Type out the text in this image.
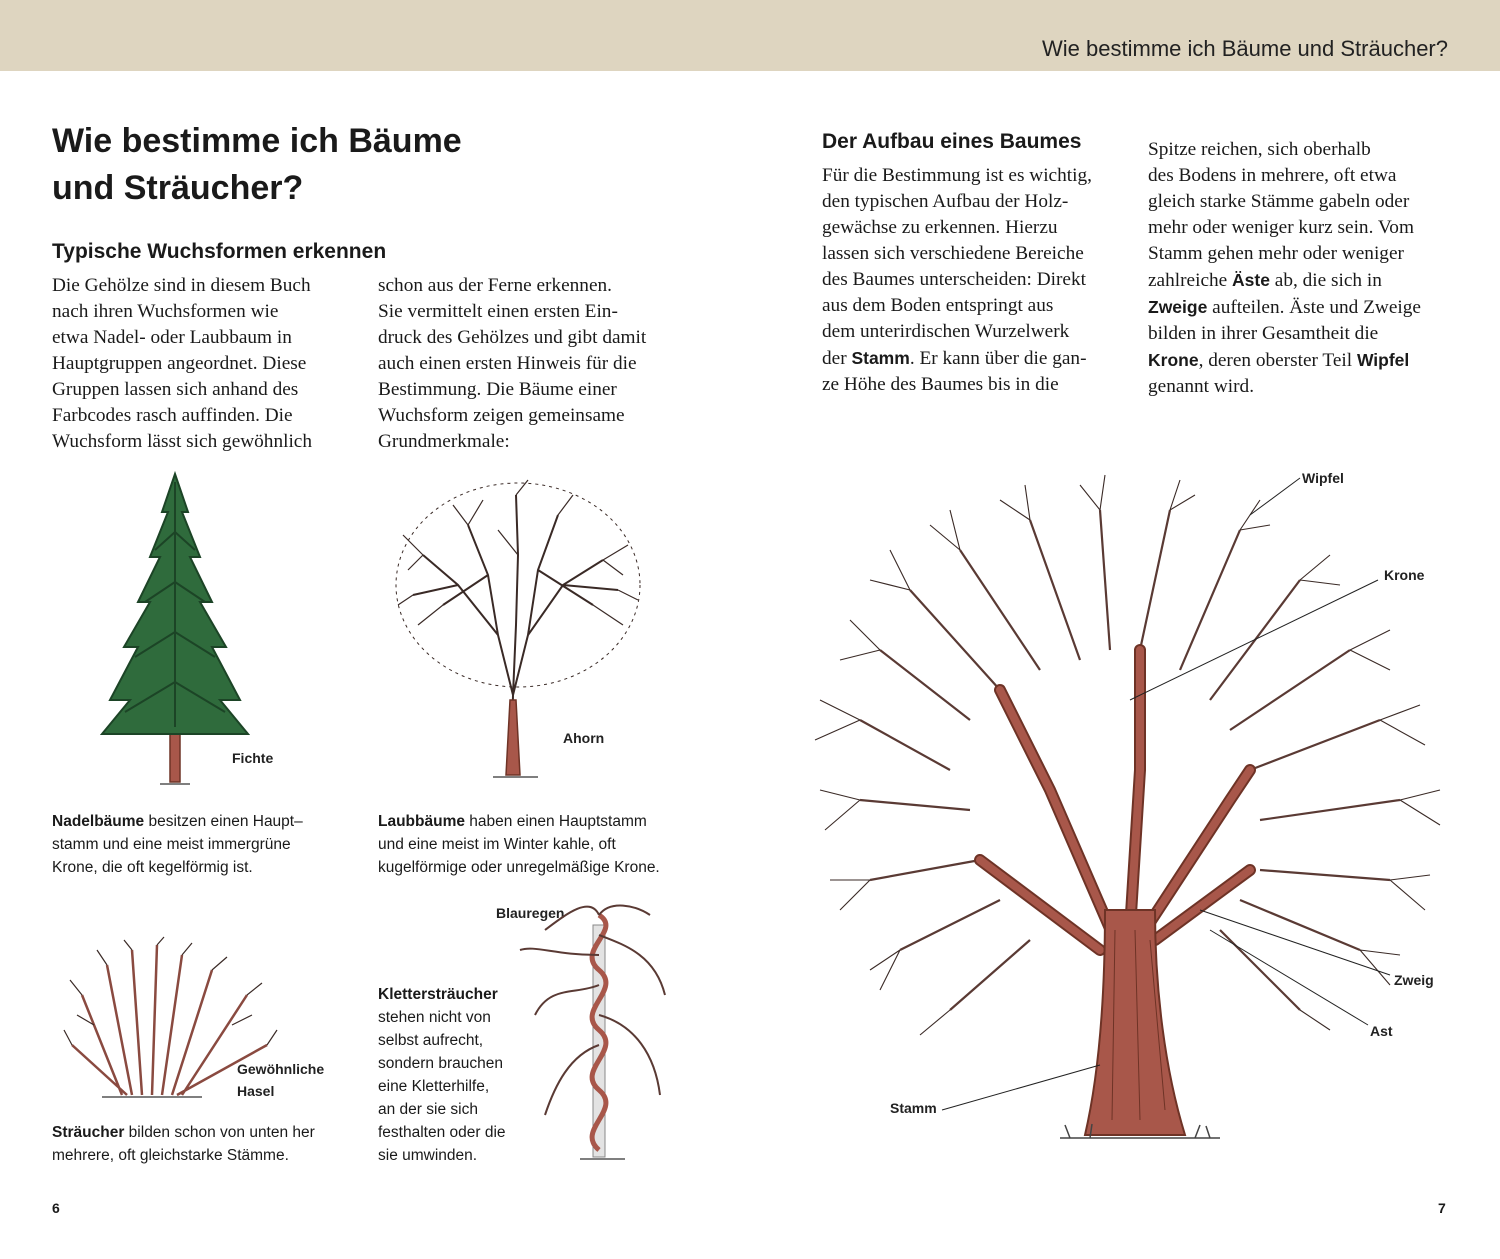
Wie bestimme ich Bäume und Sträucher?
Wie bestimme ich Bäume
und Sträucher?
Typische Wuchsformen erkennen
Die Gehölze sind in diesem Buch
nach ihren Wuchsformen wie
etwa Nadel- oder Laubbaum in
Hauptgruppen angeordnet. Diese
Gruppen lassen sich anhand des
Farbcodes rasch auffinden. Die
Wuchsform lässt sich gewöhnlich
schon aus der Ferne erkennen.
Sie vermittelt einen ersten Ein-
druck des Gehölzes und gibt damit
auch einen ersten Hinweis für die
Bestimmung. Die Bäume einer
Wuchsform zeigen gemeinsame
Grundmerkmale:
Fichte
Ahorn
Nadelbäume besitzen einen Haupt–
stamm und eine meist immergrüne
Krone, die oft kegelförmig ist.
Laubbäume haben einen Hauptstamm
und eine meist im Winter kahle, oft
kugelförmige oder unregelmäßige Krone.
Gewöhnliche
Hasel
Sträucher bilden schon von unten her
mehrere, oft gleichstarke Stämme.
Blauregen
Klettersträucher
stehen nicht von
selbst aufrecht,
sondern brauchen
eine Kletterhilfe,
an der sie sich
festhalten oder die
sie umwinden.
6
Der Aufbau eines Baumes
Für die Bestimmung ist es wichtig,
den typischen Aufbau der Holz-
gewächse zu erkennen. Hierzu
lassen sich verschiedene Bereiche
des Baumes unterscheiden: Direkt
aus dem Boden entspringt aus
dem unterirdischen Wurzelwerk
der Stamm. Er kann über die gan-
ze Höhe des Baumes bis in die
Spitze reichen, sich oberhalb
des Bodens in mehrere, oft etwa
gleich starke Stämme gabeln oder
mehr oder weniger kurz sein. Vom
Stamm gehen mehr oder weniger
zahlreiche Äste ab, die sich in
Zweige aufteilen. Äste und Zweige
bilden in ihrer Gesamtheit die
Krone, deren oberster Teil Wipfel
genannt wird.
Wipfel
Krone
Zweig
Ast
Stamm
7
